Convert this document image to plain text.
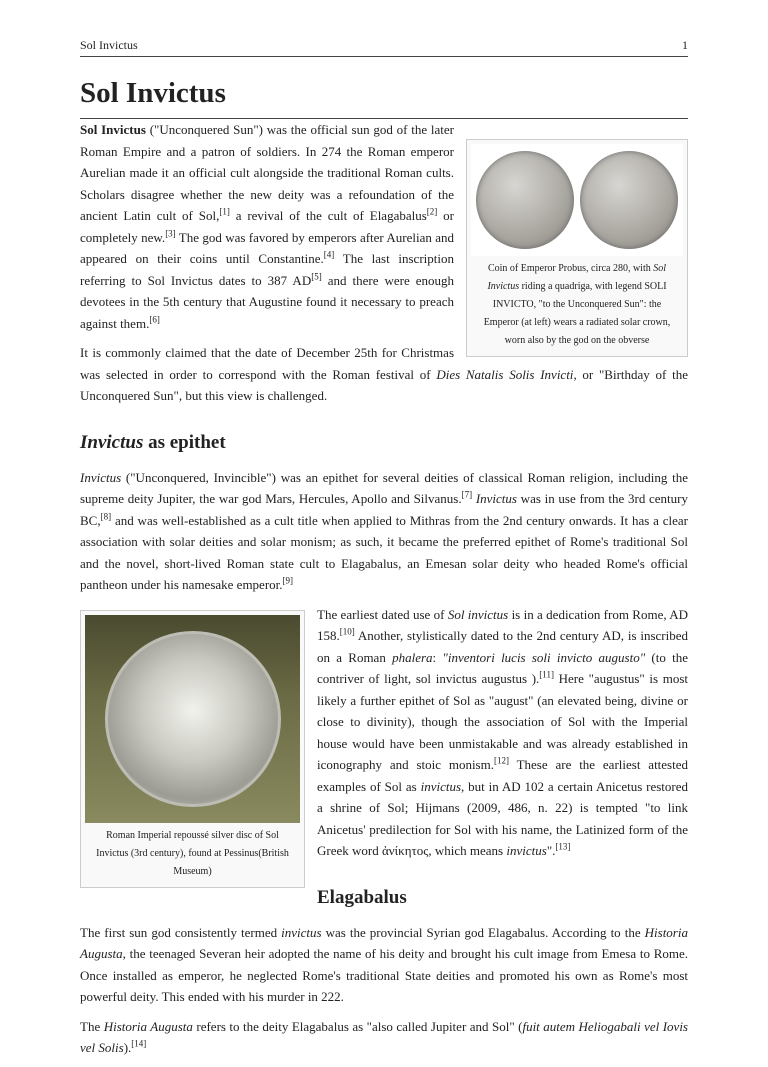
Sol Invictus	1
Sol Invictus
Coin of Emperor Probus, circa 280, with Sol Invictus riding a quadriga, with legend SOLI INVICTO, "to the Unconquered Sun": the Emperor (at left) wears a radiated solar crown, worn also by the god on the obverse

Sol Invictus ("Unconquered Sun") was the official sun god of the later Roman Empire and a patron of soldiers. In 274 the Roman emperor Aurelian made it an official cult alongside the traditional Roman cults. Scholars disagree whether the new deity was a refoundation of the ancient Latin cult of Sol,[1] a revival of the cult of Elagabalus[2] or completely new.[3] The god was favored by emperors after Aurelian and appeared on their coins until Constantine.[4] The last inscription referring to Sol Invictus dates to 387 AD[5] and there were enough devotees in the 5th century that Augustine found it necessary to preach against them.[6]

It is commonly claimed that the date of December 25th for Christmas was selected in order to correspond with the Roman festival of Dies Natalis Solis Invicti, or "Birthday of the Unconquered Sun", but this view is challenged.

Invictus as epithet

Invictus ("Unconquered, Invincible") was an epithet for several deities of classical Roman religion, including the supreme deity Jupiter, the war god Mars, Hercules, Apollo and Silvanus.[7] Invictus was in use from the 3rd century BC,[8] and was well-established as a cult title when applied to Mithras from the 2nd century onwards. It has a clear association with solar deities and solar monism; as such, it became the preferred epithet of Rome's traditional Sol and the novel, short-lived Roman state cult to Elagabalus, an Emesan solar deity who headed Rome's official pantheon under his namesake emperor.[9]

Roman Imperial repoussé silver disc of Sol Invictus (3rd century), found at Pessinus(British Museum)

The earliest dated use of Sol invictus is in a dedication from Rome, AD 158.[10] Another, stylistically dated to the 2nd century AD, is inscribed on a Roman phalera: "inventori lucis soli invicto augusto" (to the contriver of light, sol invictus augustus ).[11] Here "augustus" is most likely a further epithet of Sol as "august" (an elevated being, divine or close to divinity), though the association of Sol with the Imperial house would have been unmistakable and was already established in iconography and stoic monism.[12] These are the earliest attested examples of Sol as invictus, but in AD 102 a certain Anicetus restored a shrine of Sol; Hijmans (2009, 486, n. 22) is tempted "to link Anicetus' predilection for Sol with his name, the Latinized form of the Greek word ἀνίκητος, which means invictus".[13]

Elagabalus

The first sun god consistently termed invictus was the provincial Syrian god Elagabalus. According to the Historia Augusta, the teenaged Severan heir adopted the name of his deity and brought his cult image from Emesa to Rome. Once installed as emperor, he neglected Rome's traditional State deities and promoted his own as Rome's most powerful deity. This ended with his murder in 222.

The Historia Augusta refers to the deity Elagabalus as "also called Jupiter and Sol" (fuit autem Heliogabali vel Iovis vel Solis).[14]
